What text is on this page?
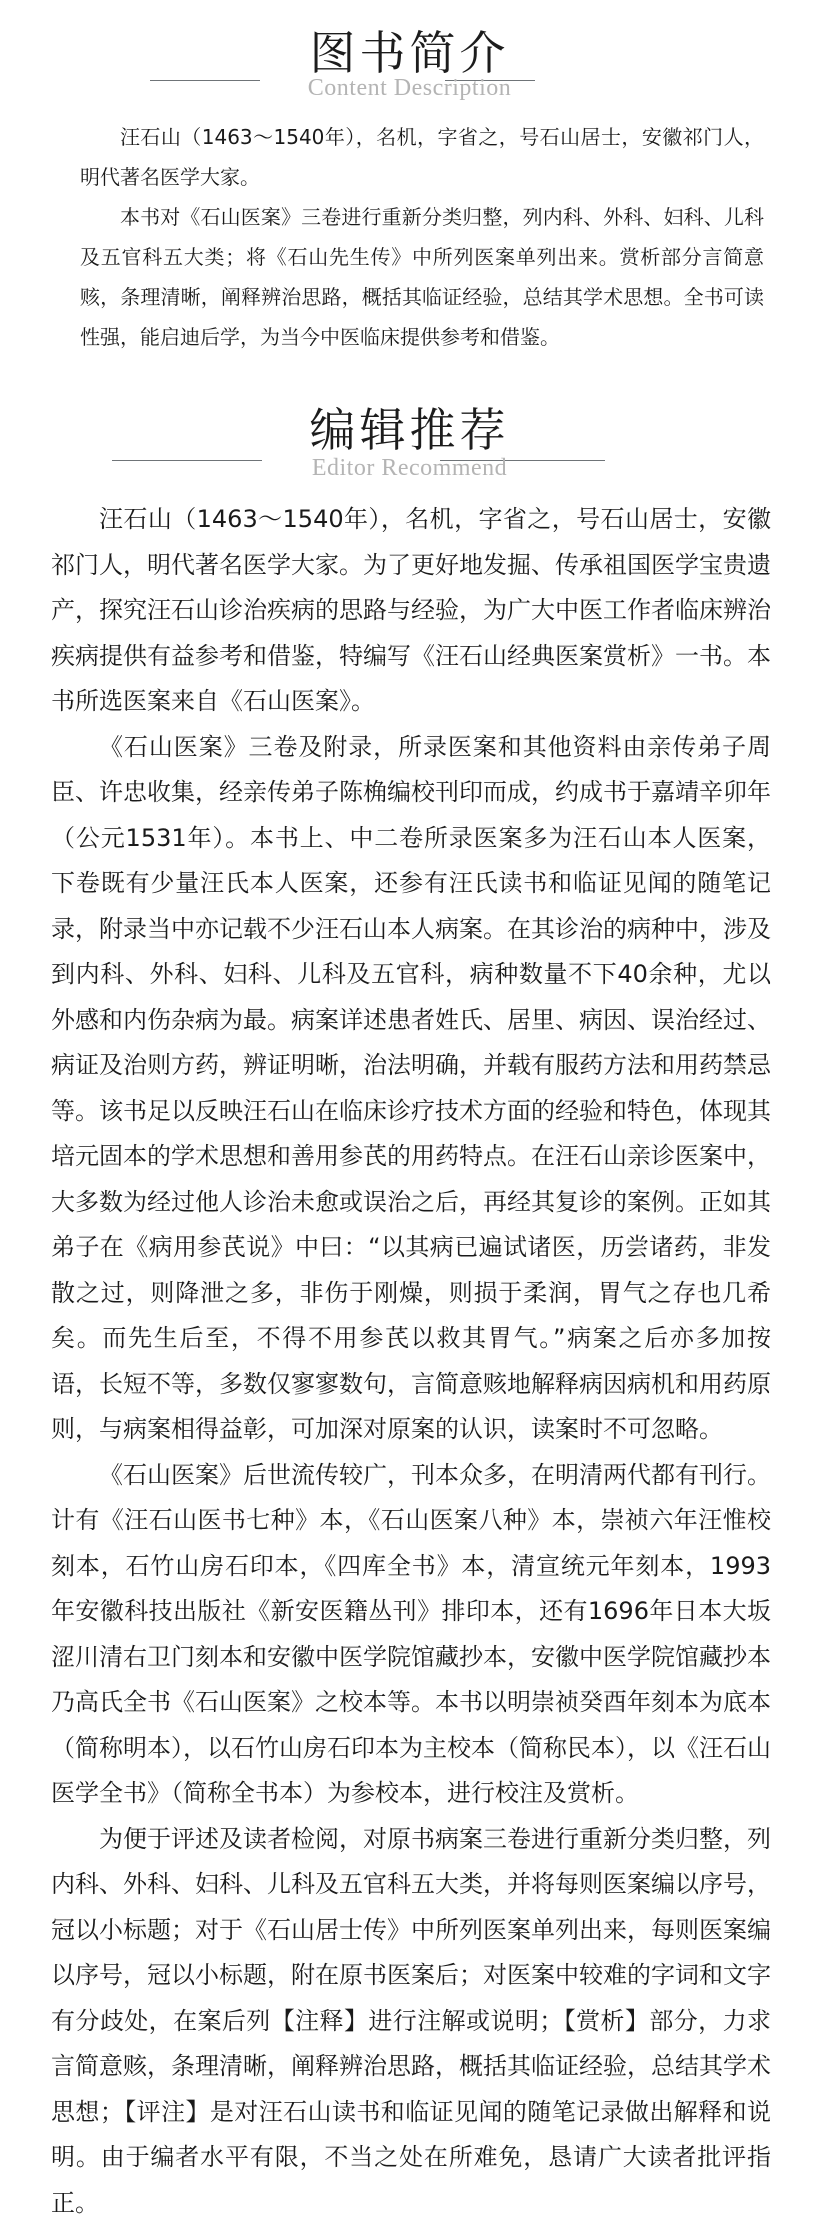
图书简介
Content Description

汪石山（1463～1540年），名机，字省之，号石山居士，安徽祁门人，明代著名医学大家。

本书对《石山医案》三卷进行重新分类归整，列内科、外科、妇科、儿科及五官科五大类；将《石山先生传》中所列医案单列出来。赏析部分言简意赅，条理清晰，阐释辨治思路，概括其临证经验，总结其学术思想。全书可读性强，能启迪后学，为当今中医临床提供参考和借鉴。

编辑推荐
Editor Recommend

汪石山（1463～1540年），名机，字省之，号石山居士，安徽祁门人，明代著名医学大家。为了更好地发掘、传承祖国医学宝贵遗产，探究汪石山诊治疾病的思路与经验，为广大中医工作者临床辨治疾病提供有益参考和借鉴，特编写《汪石山经典医案赏析》一书。本书所选医案来自《石山医案》。

《石山医案》三卷及附录，所录医案和其他资料由亲传弟子周臣、许忠收集，经亲传弟子陈桷编校刊印而成，约成书于嘉靖辛卯年（公元1531年）。本书上、中二卷所录医案多为汪石山本人医案，下卷既有少量汪氏本人医案，还参有汪氏读书和临证见闻的随笔记录，附录当中亦记载不少汪石山本人病案。在其诊治的病种中，涉及到内科、外科、妇科、儿科及五官科，病种数量不下40余种，尤以外感和内伤杂病为最。病案详述患者姓氏、居里、病因、误治经过、病证及治则方药，辨证明晰，治法明确，并载有服药方法和用药禁忌等。该书足以反映汪石山在临床诊疗技术方面的经验和特色，体现其培元固本的学术思想和善用参芪的用药特点。在汪石山亲诊医案中，大多数为经过他人诊治未愈或误治之后，再经其复诊的案例。正如其弟子在《病用参芪说》中曰：“以其病已遍试诸医，历尝诸药，非发散之过，则降泄之多，非伤于刚燥，则损于柔润，胃气之存也几希矣。而先生后至，不得不用参芪以救其胃气。”病案之后亦多加按语，长短不等，多数仅寥寥数句，言简意赅地解释病因病机和用药原则，与病案相得益彰，可加深对原案的认识，读案时不可忽略。

《石山医案》后世流传较广，刊本众多，在明清两代都有刊行。计有《汪石山医书七种》本，《石山医案八种》本，崇祯六年汪惟校刻本，石竹山房石印本，《四库全书》本，清宣统元年刻本，1993年安徽科技出版社《新安医籍丛刊》排印本，还有1696年日本大坂涩川清右卫门刻本和安徽中医学院馆藏抄本，安徽中医学院馆藏抄本乃高氏全书《石山医案》之校本等。本书以明崇祯癸酉年刻本为底本（简称明本），以石竹山房石印本为主校本（简称民本），以《汪石山医学全书》（简称全书本）为参校本，进行校注及赏析。

为便于评述及读者检阅，对原书病案三卷进行重新分类归整，列内科、外科、妇科、儿科及五官科五大类，并将每则医案编以序号，冠以小标题；对于《石山居士传》中所列医案单列出来，每则医案编以序号，冠以小标题，附在原书医案后；对医案中较难的字词和文字有分歧处，在案后列【注释】进行注解或说明；【赏析】部分，力求言简意赅，条理清晰，阐释辨治思路，概括其临证经验，总结其学术思想；【评注】是对汪石山读书和临证见闻的随笔记录做出解释和说明。由于编者水平有限，不当之处在所难免，恳请广大读者批评指正。
